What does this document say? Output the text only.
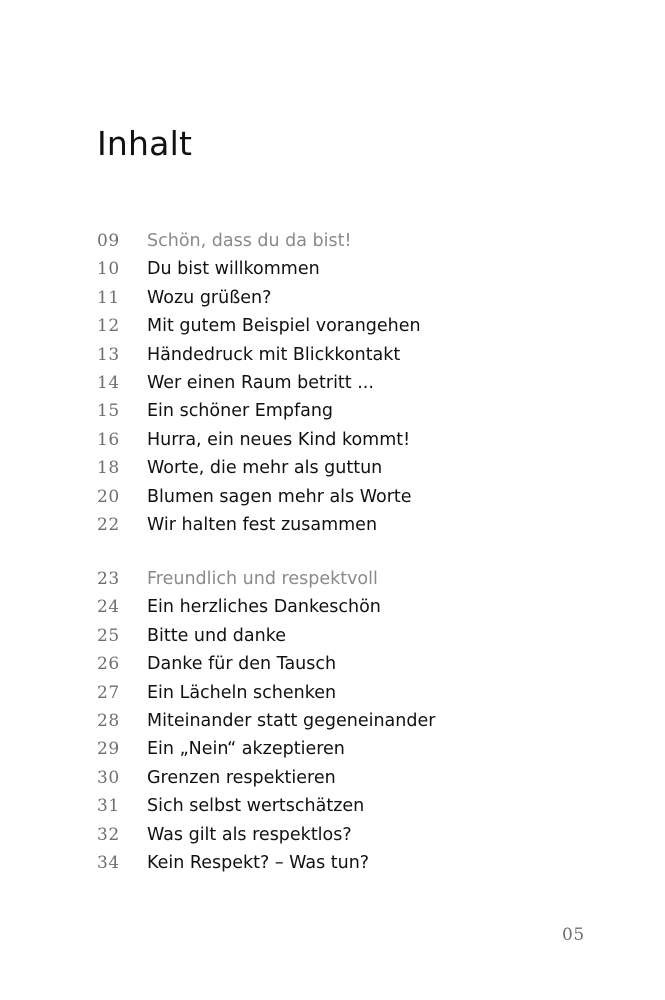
Inhalt
09	Schön, dass du da bist!
10	Du bist willkommen
11	Wozu grüßen?
12	Mit gutem Beispiel vorangehen
13	Händedruck mit Blickkontakt
14	Wer einen Raum betritt ...
15	Ein schöner Empfang
16	Hurra, ein neues Kind kommt!
18	Worte, die mehr als guttun
20	Blumen sagen mehr als Worte
22	Wir halten fest zusammen
23	Freundlich und respektvoll
24	Ein herzliches Dankeschön
25	Bitte und danke
26	Danke für den Tausch
27	Ein Lächeln schenken
28	Miteinander statt gegeneinander
29	Ein „Nein“ akzeptieren
30	Grenzen respektieren
31	Sich selbst wertschätzen
32	Was gilt als respektlos?
34	Kein Respekt? – Was tun?
05
